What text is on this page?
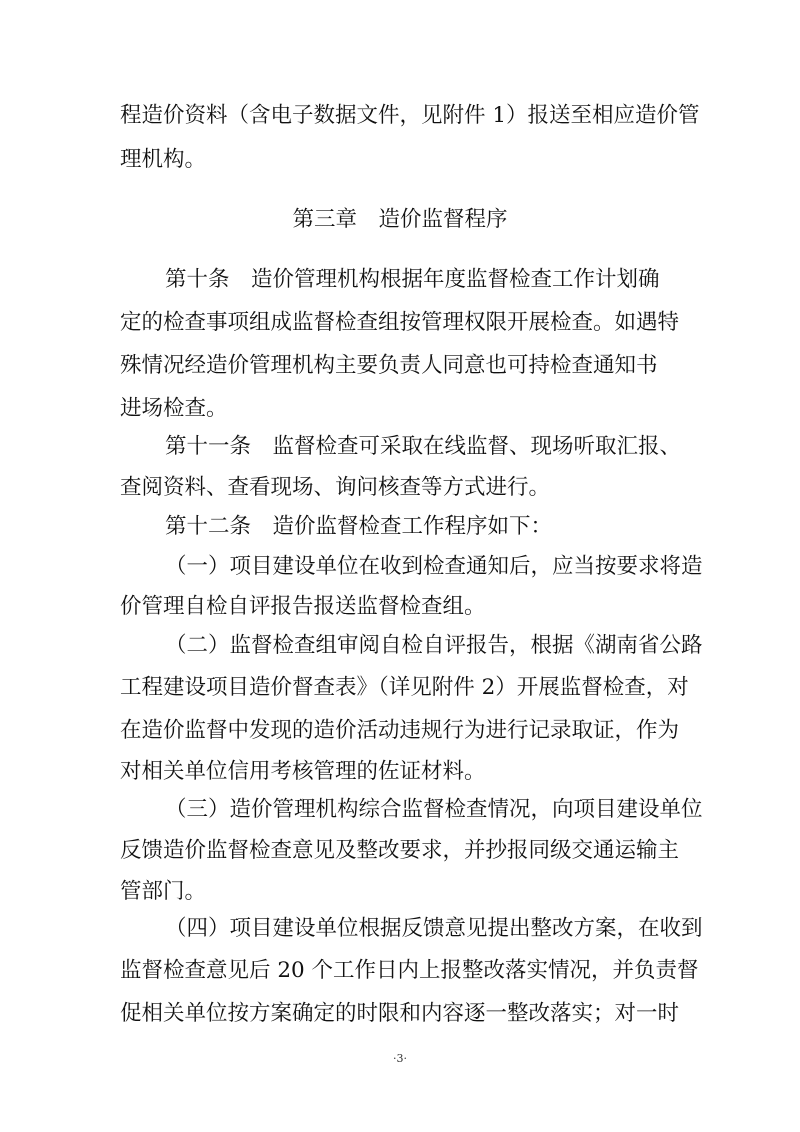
程造价资料（含电子数据文件，见附件 1）报送至相应造价管
理机构。
第三章　造价监督程序
第十条　造价管理机构根据年度监督检查工作计划确
定的检查事项组成监督检查组按管理权限开展检查。如遇特
殊情况经造价管理机构主要负责人同意也可持检查通知书
进场检查。
第十一条　监督检查可采取在线监督、现场听取汇报、
查阅资料、查看现场、询问核查等方式进行。
第十二条　造价监督检查工作程序如下：
（一）项目建设单位在收到检查通知后，应当按要求将造
价管理自检自评报告报送监督检查组。
（二）监督检查组审阅自检自评报告，根据《湖南省公路
工程建设项目造价督查表》（详见附件 2）开展监督检查，对
在造价监督中发现的造价活动违规行为进行记录取证，作为
对相关单位信用考核管理的佐证材料。
（三）造价管理机构综合监督检查情况，向项目建设单位
反馈造价监督检查意见及整改要求，并抄报同级交通运输主
管部门。
（四）项目建设单位根据反馈意见提出整改方案，在收到
监督检查意见后 20 个工作日内上报整改落实情况，并负责督
促相关单位按方案确定的时限和内容逐一整改落实；对一时
·3·
